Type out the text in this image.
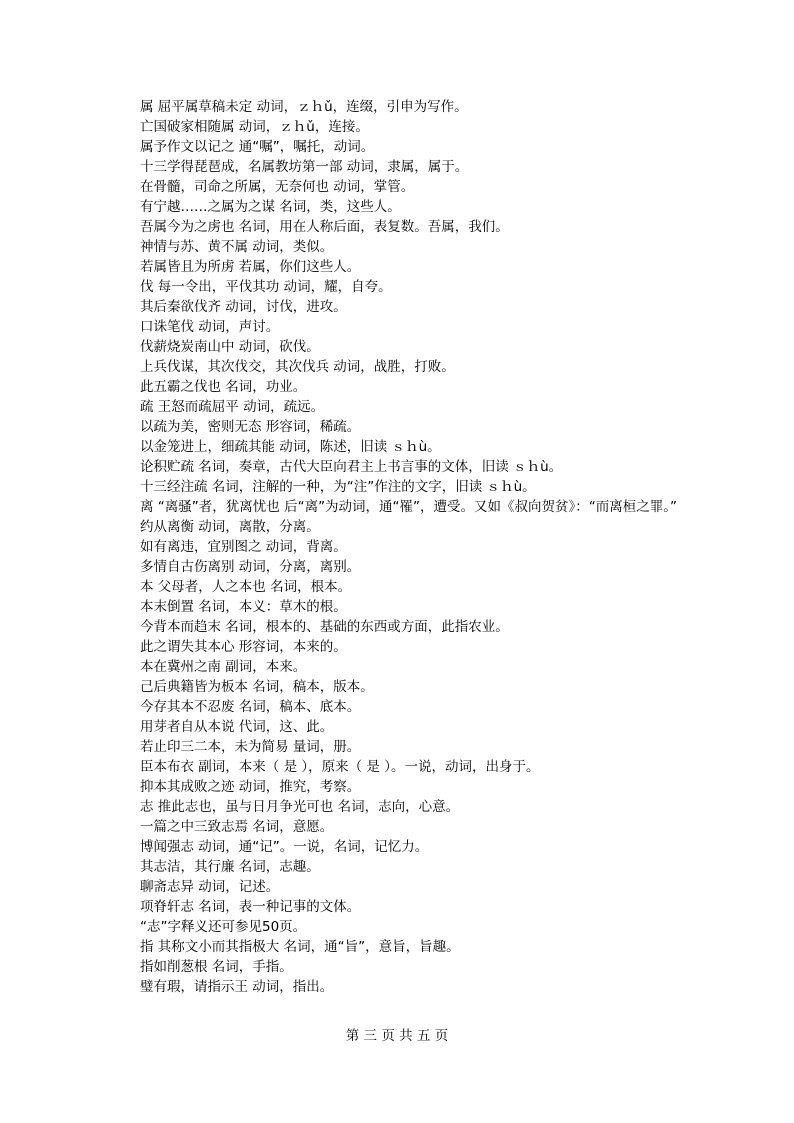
属 屈平属草稿未定 动词，ｚｈǔ，连缀，引申为写作。
亡国破家相随属 动词，ｚｈǔ，连接。
属予作文以记之 通“嘱”，嘱托，动词。
十三学得琵琶成，名属教坊第一部 动词，隶属，属于。
在骨髓，司命之所属，无奈何也 动词，掌管。
有宁越……之属为之谋 名词，类，这些人。
吾属今为之虏也 名词，用在人称后面，表复数。吾属，我们。
神情与苏、黄不属 动词，类似。
若属皆且为所虏 若属，你们这些人。
伐 每一令出，平伐其功 动词，耀，自夸。
其后秦欲伐齐 动词，讨伐，进攻。
口诛笔伐 动词，声讨。
伐薪烧炭南山中 动词，砍伐。
上兵伐谋，其次伐交，其次伐兵 动词，战胜，打败。
此五霸之伐也 名词，功业。
疏 王怒而疏屈平 动词，疏远。
以疏为美，密则无态 形容词，稀疏。
以金笼进上，细疏其能 动词，陈述，旧读 ｓｈù。
论积贮疏 名词，奏章，古代大臣向君主上书言事的文体，旧读 ｓｈù。
十三经注疏 名词，注解的一种，为“注”作注的文字，旧读 ｓｈù。
离 “离骚”者，犹离忧也 后“离”为动词，通“罹”，遭受。又如《叔向贺贫》：“而离桓之罪。”
约从离衡 动词，离散，分离。
如有离违，宜别图之 动词，背离。
多情自古伤离别 动词，分离，离别。
本 父母者，人之本也 名词，根本。
本末倒置 名词，本义：草木的根。
今背本而趋末 名词，根本的、基础的东西或方面，此指农业。
此之谓失其本心 形容词，本来的。
本在冀州之南 副词，本来。
己后典籍皆为板本 名词，稿本，版本。
今存其本不忍废 名词，稿本、底本。
用芽者自从本说 代词，这、此。
若止印三二本，未为简易 量词，册。
臣本布衣 副词，本来（ 是 ），原来（ 是 ）。一说，动词，出身于。
抑本其成败之迹 动词，推究，考察。
志 推此志也，虽与日月争光可也 名词，志向，心意。
一篇之中三致志焉 名词，意愿。
博闻强志 动词，通“记”。一说，名词，记忆力。
其志洁，其行廉 名词，志趣。
聊斋志异 动词，记述。
项脊轩志 名词，表一种记事的文体。
“志”字释义还可参见50页。
指 其称文小而其指极大 名词，通“旨”，意旨，旨趣。
指如削葱根 名词，手指。
璧有瑕，请指示王 动词，指出。
第 三 页 共 五 页
